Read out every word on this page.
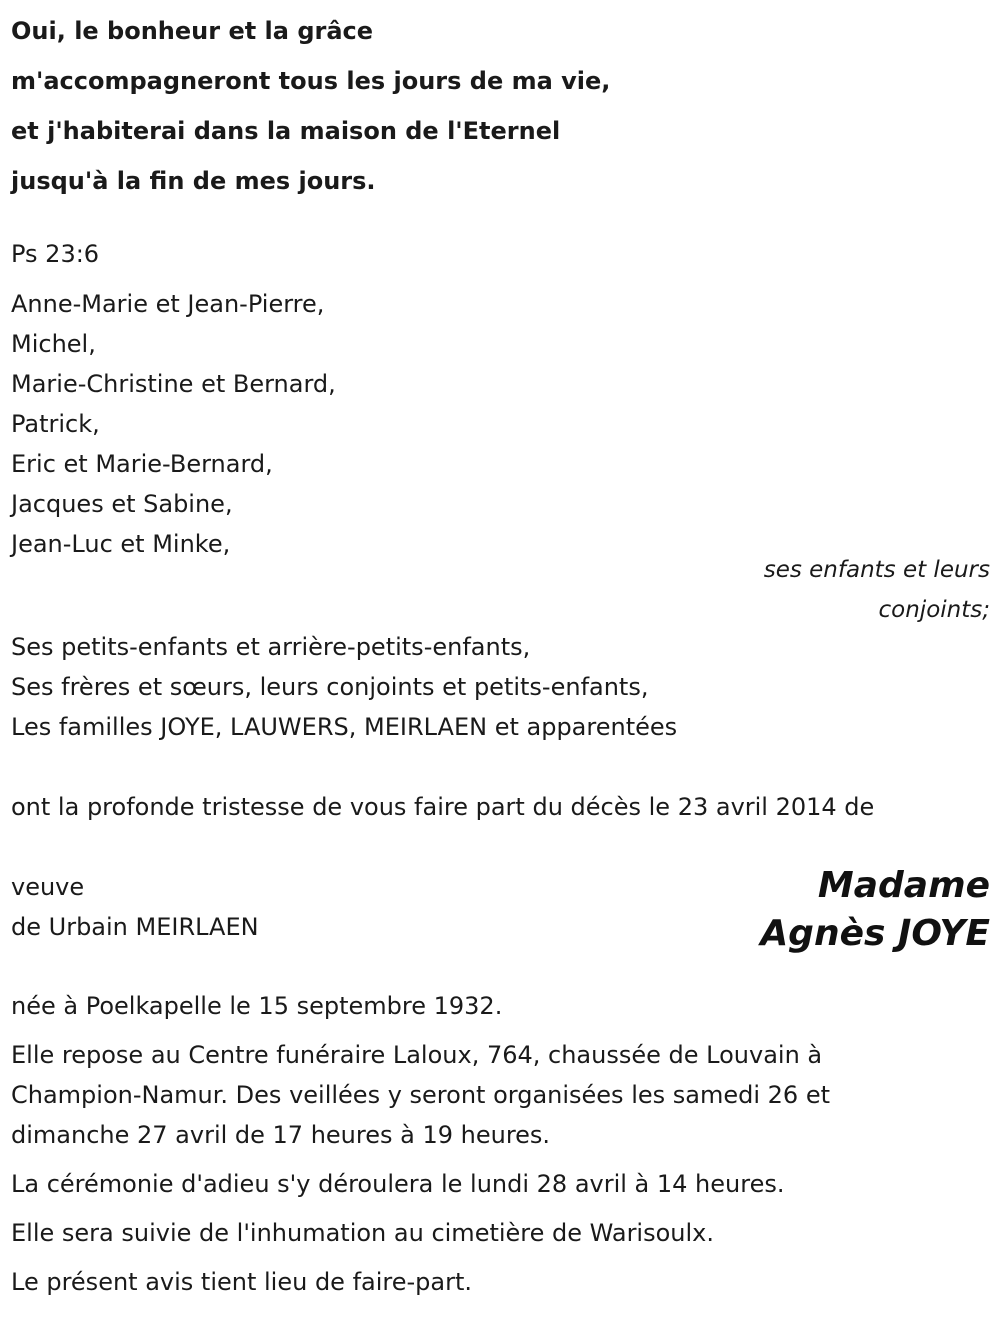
Oui, le bonheur et la grâce
m'accompagneront tous les jours de ma vie,
et j'habiterai dans la maison de l'Eternel
jusqu'à la fin de mes jours.
Ps 23:6
Anne-Marie et Jean-Pierre,
Michel,
Marie-Christine et Bernard,
Patrick,
Eric et Marie-Bernard,
Jacques et Sabine,
Jean-Luc et Minke,
ses enfants et leurs
conjoints;
Ses petits-enfants et arrière-petits-enfants,
Ses frères et sœurs, leurs conjoints et petits-enfants,
Les familles JOYE, LAUWERS, MEIRLAEN et apparentées
ont la profonde tristesse de vous faire part du décès le 23 avril 2014 de
veuve
de Urbain MEIRLAEN
Madame
Agnès JOYE
née à Poelkapelle le 15 septembre 1932.
Elle repose au Centre funéraire Laloux, 764, chaussée de Louvain à
Champion-Namur. Des veillées y seront organisées les samedi 26 et
dimanche 27 avril de 17 heures à 19 heures.
La cérémonie d'adieu s'y déroulera le lundi 28 avril à 14 heures.
Elle sera suivie de l'inhumation au cimetière de Warisoulx.
Le présent avis tient lieu de faire-part.
